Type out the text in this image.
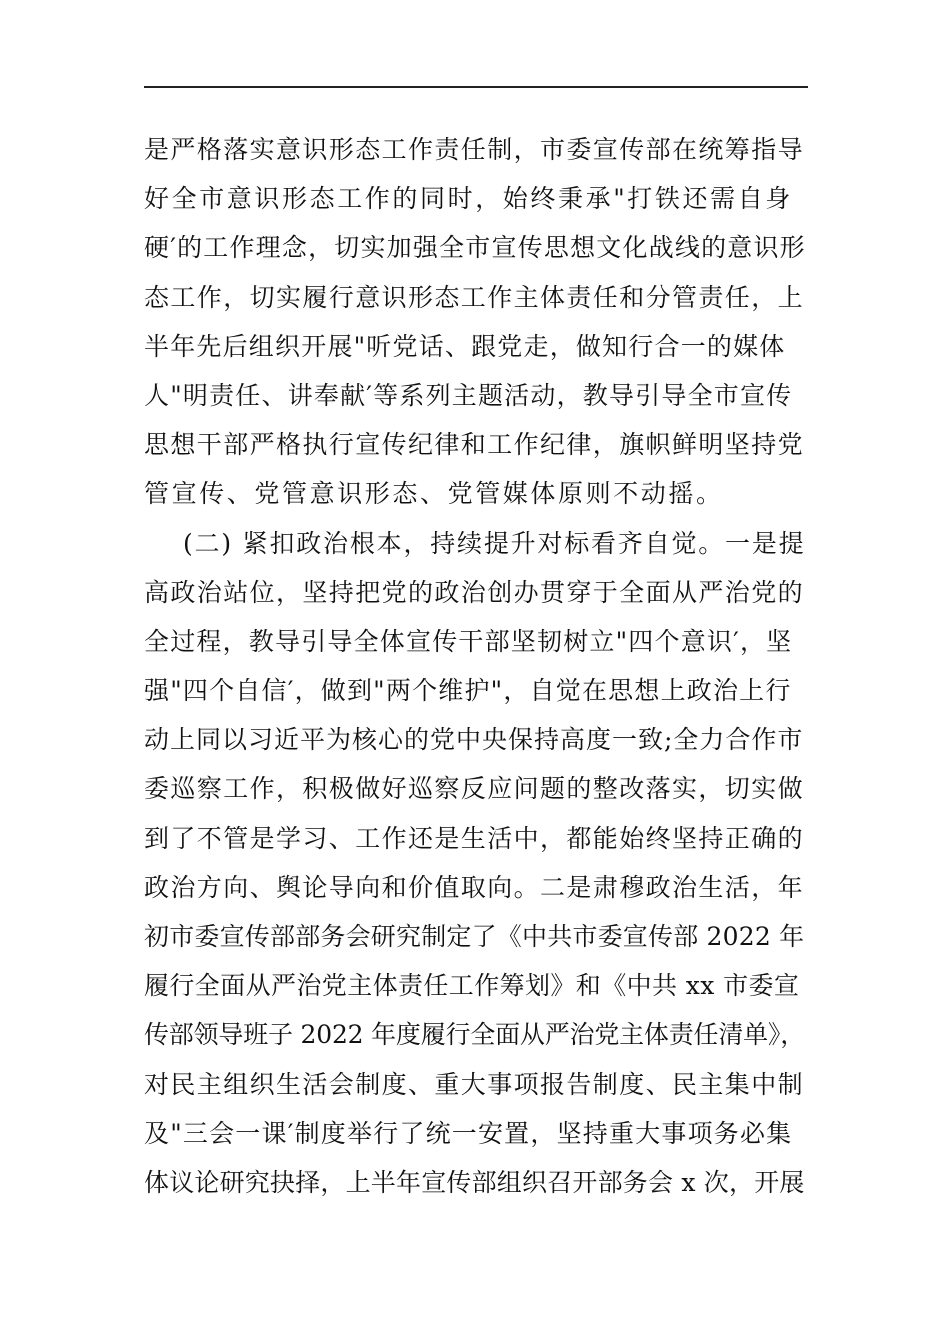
是严格落实意识形态工作责任制，市委宣传部在统筹指导
好全市意识形态工作的同时，始终秉承"打铁还需自身
硬′的工作理念，切实加强全市宣传思想文化战线的意识形
态工作，切实履行意识形态工作主体责任和分管责任，上
半年先后组织开展"听党话、跟党走，做知行合一的媒体
人"明责任、讲奉献′等系列主题活动，教导引导全市宣传
思想干部严格执行宣传纪律和工作纪律，旗帜鲜明坚持党
管宣传、党管意识形态、党管媒体原则不动摇。
(二) 紧扣政治根本，持续提升对标看齐自觉。一是提
高政治站位，坚持把党的政治创办贯穿于全面从严治党的
全过程，教导引导全体宣传干部坚韧树立"四个意识′，坚
强"四个自信′，做到"两个维护"，自觉在思想上政治上行
动上同以习近平为核心的党中央保持高度一致;全力合作市
委巡察工作，积极做好巡察反应问题的整改落实，切实做
到了不管是学习、工作还是生活中，都能始终坚持正确的
政治方向、舆论导向和价值取向。二是肃穆政治生活，年
初市委宣传部部务会研究制定了《中共市委宣传部 2022 年
履行全面从严治党主体责任工作筹划》和《中共 xx 市委宣
传部领导班子 2022 年度履行全面从严治党主体责任清单》，
对民主组织生活会制度、重大事项报告制度、民主集中制
及"三会一课′制度举行了统一安置，坚持重大事项务必集
体议论研究抉择，上半年宣传部组织召开部务会 x 次，开展
